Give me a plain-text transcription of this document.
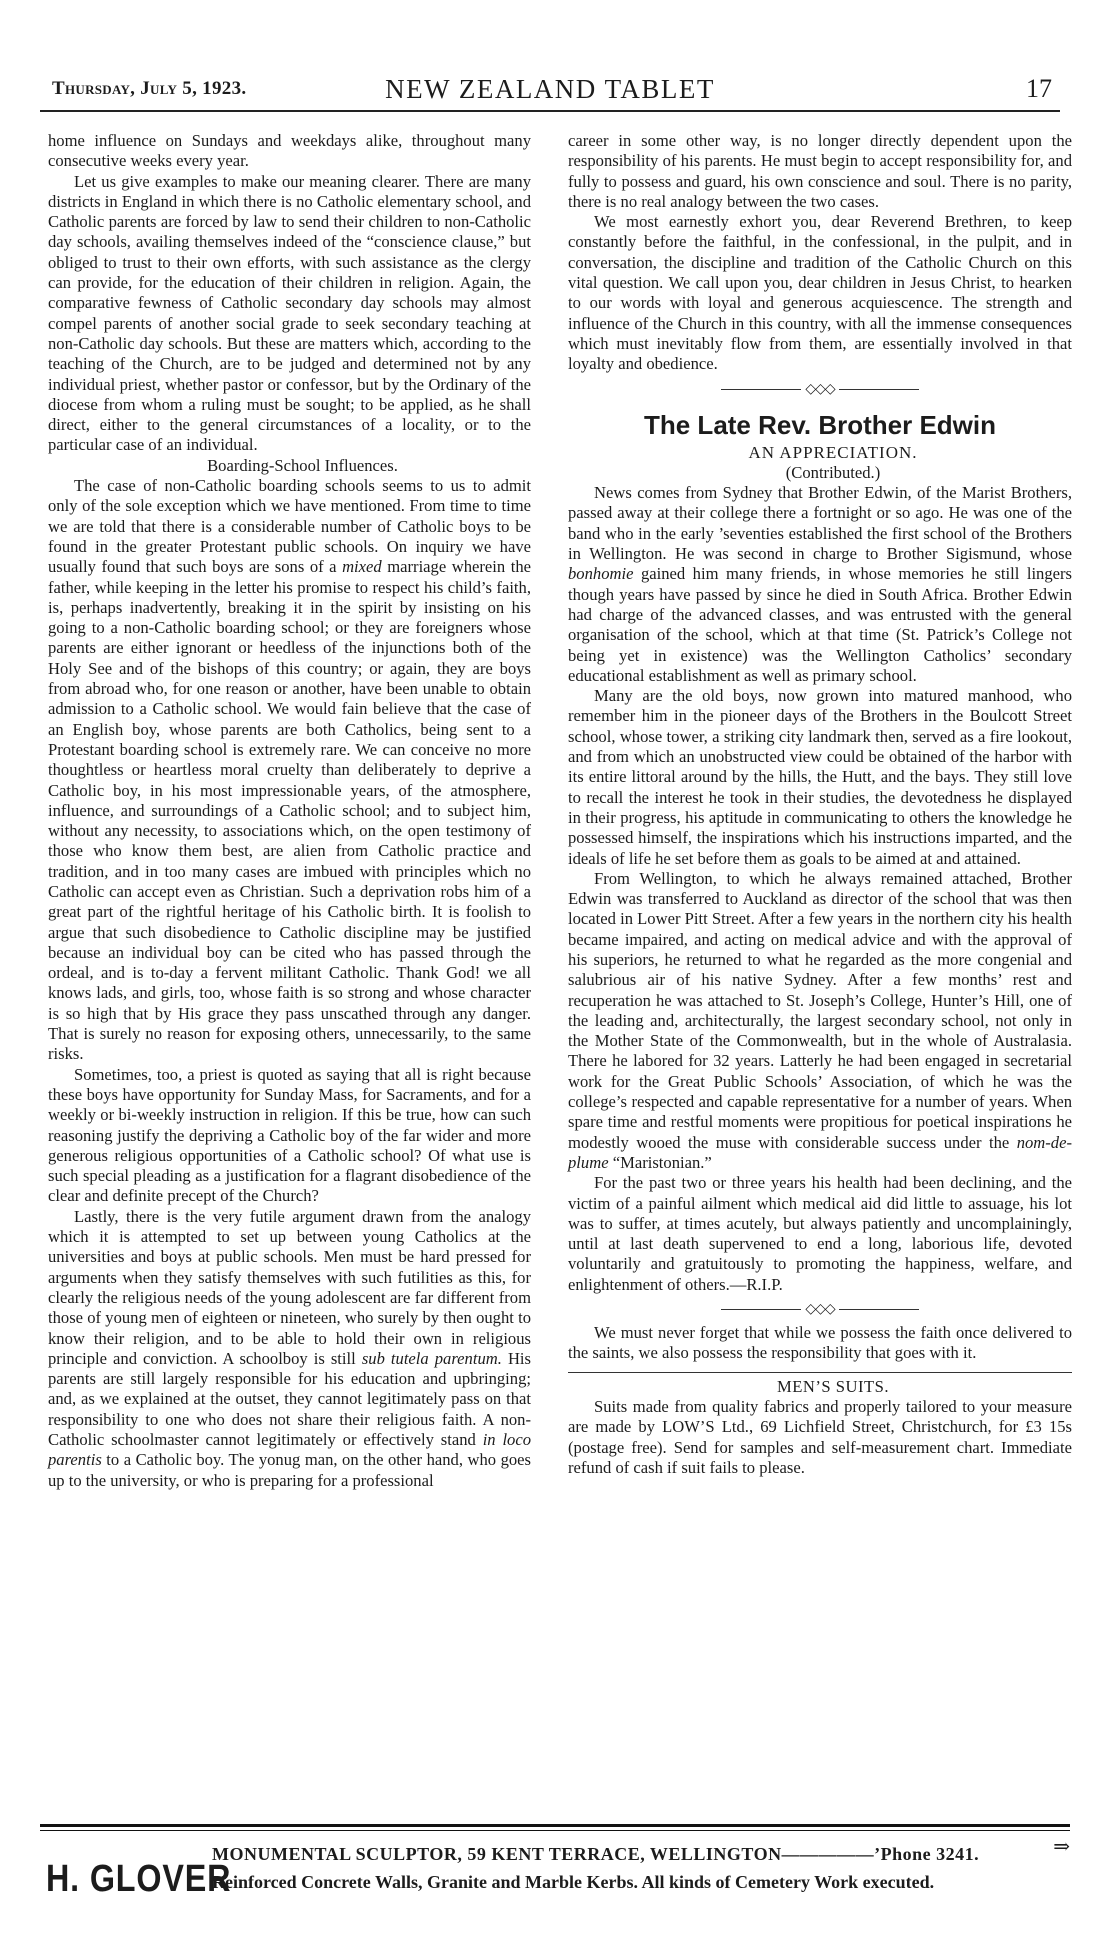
Thursday, July 5, 1923.	NEW ZEALAND TABLET	17

home influence on Sundays and weekdays alike, throughout many consecutive weeks every year.

Let us give examples to make our meaning clearer. There are many districts in England in which there is no Catholic elementary school, and Catholic parents are forced by law to send their children to non-Catholic day schools, availing themselves indeed of the “conscience clause,” but obliged to trust to their own efforts, with such assistance as the clergy can provide, for the education of their children in religion. Again, the comparative fewness of Catholic secondary day schools may almost compel parents of another social grade to seek secondary teaching at non-Catholic day schools. But these are matters which, according to the teaching of the Church, are to be judged and determined not by any individual priest, whether pastor or confessor, but by the Ordinary of the diocese from whom a ruling must be sought; to be applied, as he shall direct, either to the general circumstances of a locality, or to the particular case of an individual.

Boarding-School Influences.

The case of non-Catholic boarding schools seems to us to admit only of the sole exception which we have mentioned. From time to time we are told that there is a considerable number of Catholic boys to be found in the greater Protestant public schools. On inquiry we have usually found that such boys are sons of a mixed marriage wherein the father, while keeping in the letter his promise to respect his child’s faith, is, perhaps inadvertently, breaking it in the spirit by insisting on his going to a non-Catholic boarding school; or they are foreigners whose parents are either ignorant or heedless of the injunctions both of the Holy See and of the bishops of this country; or again, they are boys from abroad who, for one reason or another, have been unable to obtain admission to a Catholic school. We would fain believe that the case of an English boy, whose parents are both Catholics, being sent to a Protestant boarding school is extremely rare. We can conceive no more thoughtless or heartless moral cruelty than deliberately to deprive a Catholic boy, in his most impressionable years, of the atmosphere, influence, and surroundings of a Catholic school; and to subject him, without any necessity, to associations which, on the open testimony of those who know them best, are alien from Catholic practice and tradition, and in too many cases are imbued with principles which no Catholic can accept even as Christian. Such a deprivation robs him of a great part of the rightful heritage of his Catholic birth. It is foolish to argue that such disobedience to Catholic discipline may be justified because an individual boy can be cited who has passed through the ordeal, and is to-day a fervent militant Catholic. Thank God! we all knows lads, and girls, too, whose faith is so strong and whose character is so high that by His grace they pass unscathed through any danger. That is surely no reason for exposing others, unnecessarily, to the same risks.

Sometimes, too, a priest is quoted as saying that all is right because these boys have opportunity for Sunday Mass, for Sacraments, and for a weekly or bi-weekly instruction in religion. If this be true, how can such reasoning justify the depriving a Catholic boy of the far wider and more generous religious opportunities of a Catholic school? Of what use is such special pleading as a justification for a flagrant disobedience of the clear and definite precept of the Church?

Lastly, there is the very futile argument drawn from the analogy which it is attempted to set up between young Catholics at the universities and boys at public schools. Men must be hard pressed for arguments when they satisfy themselves with such futilities as this, for clearly the religious needs of the young adolescent are far different from those of young men of eighteen or nineteen, who surely by then ought to know their religion, and to be able to hold their own in religious principle and conviction. A schoolboy is still sub tutela parentum. His parents are still largely responsible for his education and upbringing; and, as we explained at the outset, they cannot legitimately pass on that responsibility to one who does not share their religious faith. A non-Catholic schoolmaster cannot legitimately or effectively stand in loco parentis to a Catholic boy. The yonug man, on the other hand, who goes up to the university, or who is preparing for a professional

career in some other way, is no longer directly dependent upon the responsibility of his parents. He must begin to accept responsibility for, and fully to possess and guard, his own conscience and soul. There is no parity, there is no real analogy between the two cases.

We most earnestly exhort you, dear Reverend Brethren, to keep constantly before the faithful, in the confessional, in the pulpit, and in conversation, the discipline and tradition of the Catholic Church on this vital question. We call upon you, dear children in Jesus Christ, to hearken to our words with loyal and generous acquiescence. The strength and influence of the Church in this country, with all the immense consequences which must inevitably flow from them, are essentially involved in that loyalty and obedience.

◇◇◇
The Late Rev. Brother Edwin

AN APPRECIATION.

(Contributed.)

News comes from Sydney that Brother Edwin, of the Marist Brothers, passed away at their college there a fortnight or so ago. He was one of the band who in the early ’seventies established the first school of the Brothers in Wellington. He was second in charge to Brother Sigismund, whose bonhomie gained him many friends, in whose memories he still lingers though years have passed by since he died in South Africa. Brother Edwin had charge of the advanced classes, and was entrusted with the general organisation of the school, which at that time (St. Patrick’s College not being yet in existence) was the Wellington Catholics’ secondary educational establishment as well as primary school.

Many are the old boys, now grown into matured manhood, who remember him in the pioneer days of the Brothers in the Boulcott Street school, whose tower, a striking city landmark then, served as a fire lookout, and from which an unobstructed view could be obtained of the harbor with its entire littoral around by the hills, the Hutt, and the bays. They still love to recall the interest he took in their studies, the devotedness he displayed in their progress, his aptitude in communicating to others the knowledge he possessed himself, the inspirations which his instructions imparted, and the ideals of life he set before them as goals to be aimed at and attained.

From Wellington, to which he always remained attached, Brother Edwin was transferred to Auckland as director of the school that was then located in Lower Pitt Street. After a few years in the northern city his health became impaired, and acting on medical advice and with the approval of his superiors, he returned to what he regarded as the more congenial and salubrious air of his native Sydney. After a few months’ rest and recuperation he was attached to St. Joseph’s College, Hunter’s Hill, one of the leading and, architecturally, the largest secondary school, not only in the Mother State of the Commonwealth, but in the whole of Australasia. There he labored for 32 years. Latterly he had been engaged in secretarial work for the Great Public Schools’ Association, of which he was the college’s respected and capable representative for a number of years. When spare time and restful moments were propitious for poetical inspirations he modestly wooed the muse with considerable success under the nom-de-plume “Maristonian.”

For the past two or three years his health had been declining, and the victim of a painful ailment which medical aid did little to assuage, his lot was to suffer, at times acutely, but always patiently and uncomplainingly, until at last death supervened to end a long, laborious life, devoted voluntarily and gratuitously to promoting the happiness, welfare, and enlightenment of others.—R.I.P.

◇◇◇

We must never forget that while we possess the faith once delivered to the saints, we also possess the responsibility that goes with it.

MEN’S SUITS.

Suits made from quality fabrics and properly tailored to your measure are made by LOW’S Ltd., 69 Lichfield Street, Christchurch, for £3 15s (postage free). Send for samples and self-measurement chart. Immediate refund of cash if suit fails to please.

⇒
H. GLOVER
MONUMENTAL SCULPTOR, 59 KENT TERRACE, WELLINGTON—————’Phone 3241.
Reinforced Concrete Walls, Granite and Marble Kerbs. All kinds of Cemetery Work executed.
